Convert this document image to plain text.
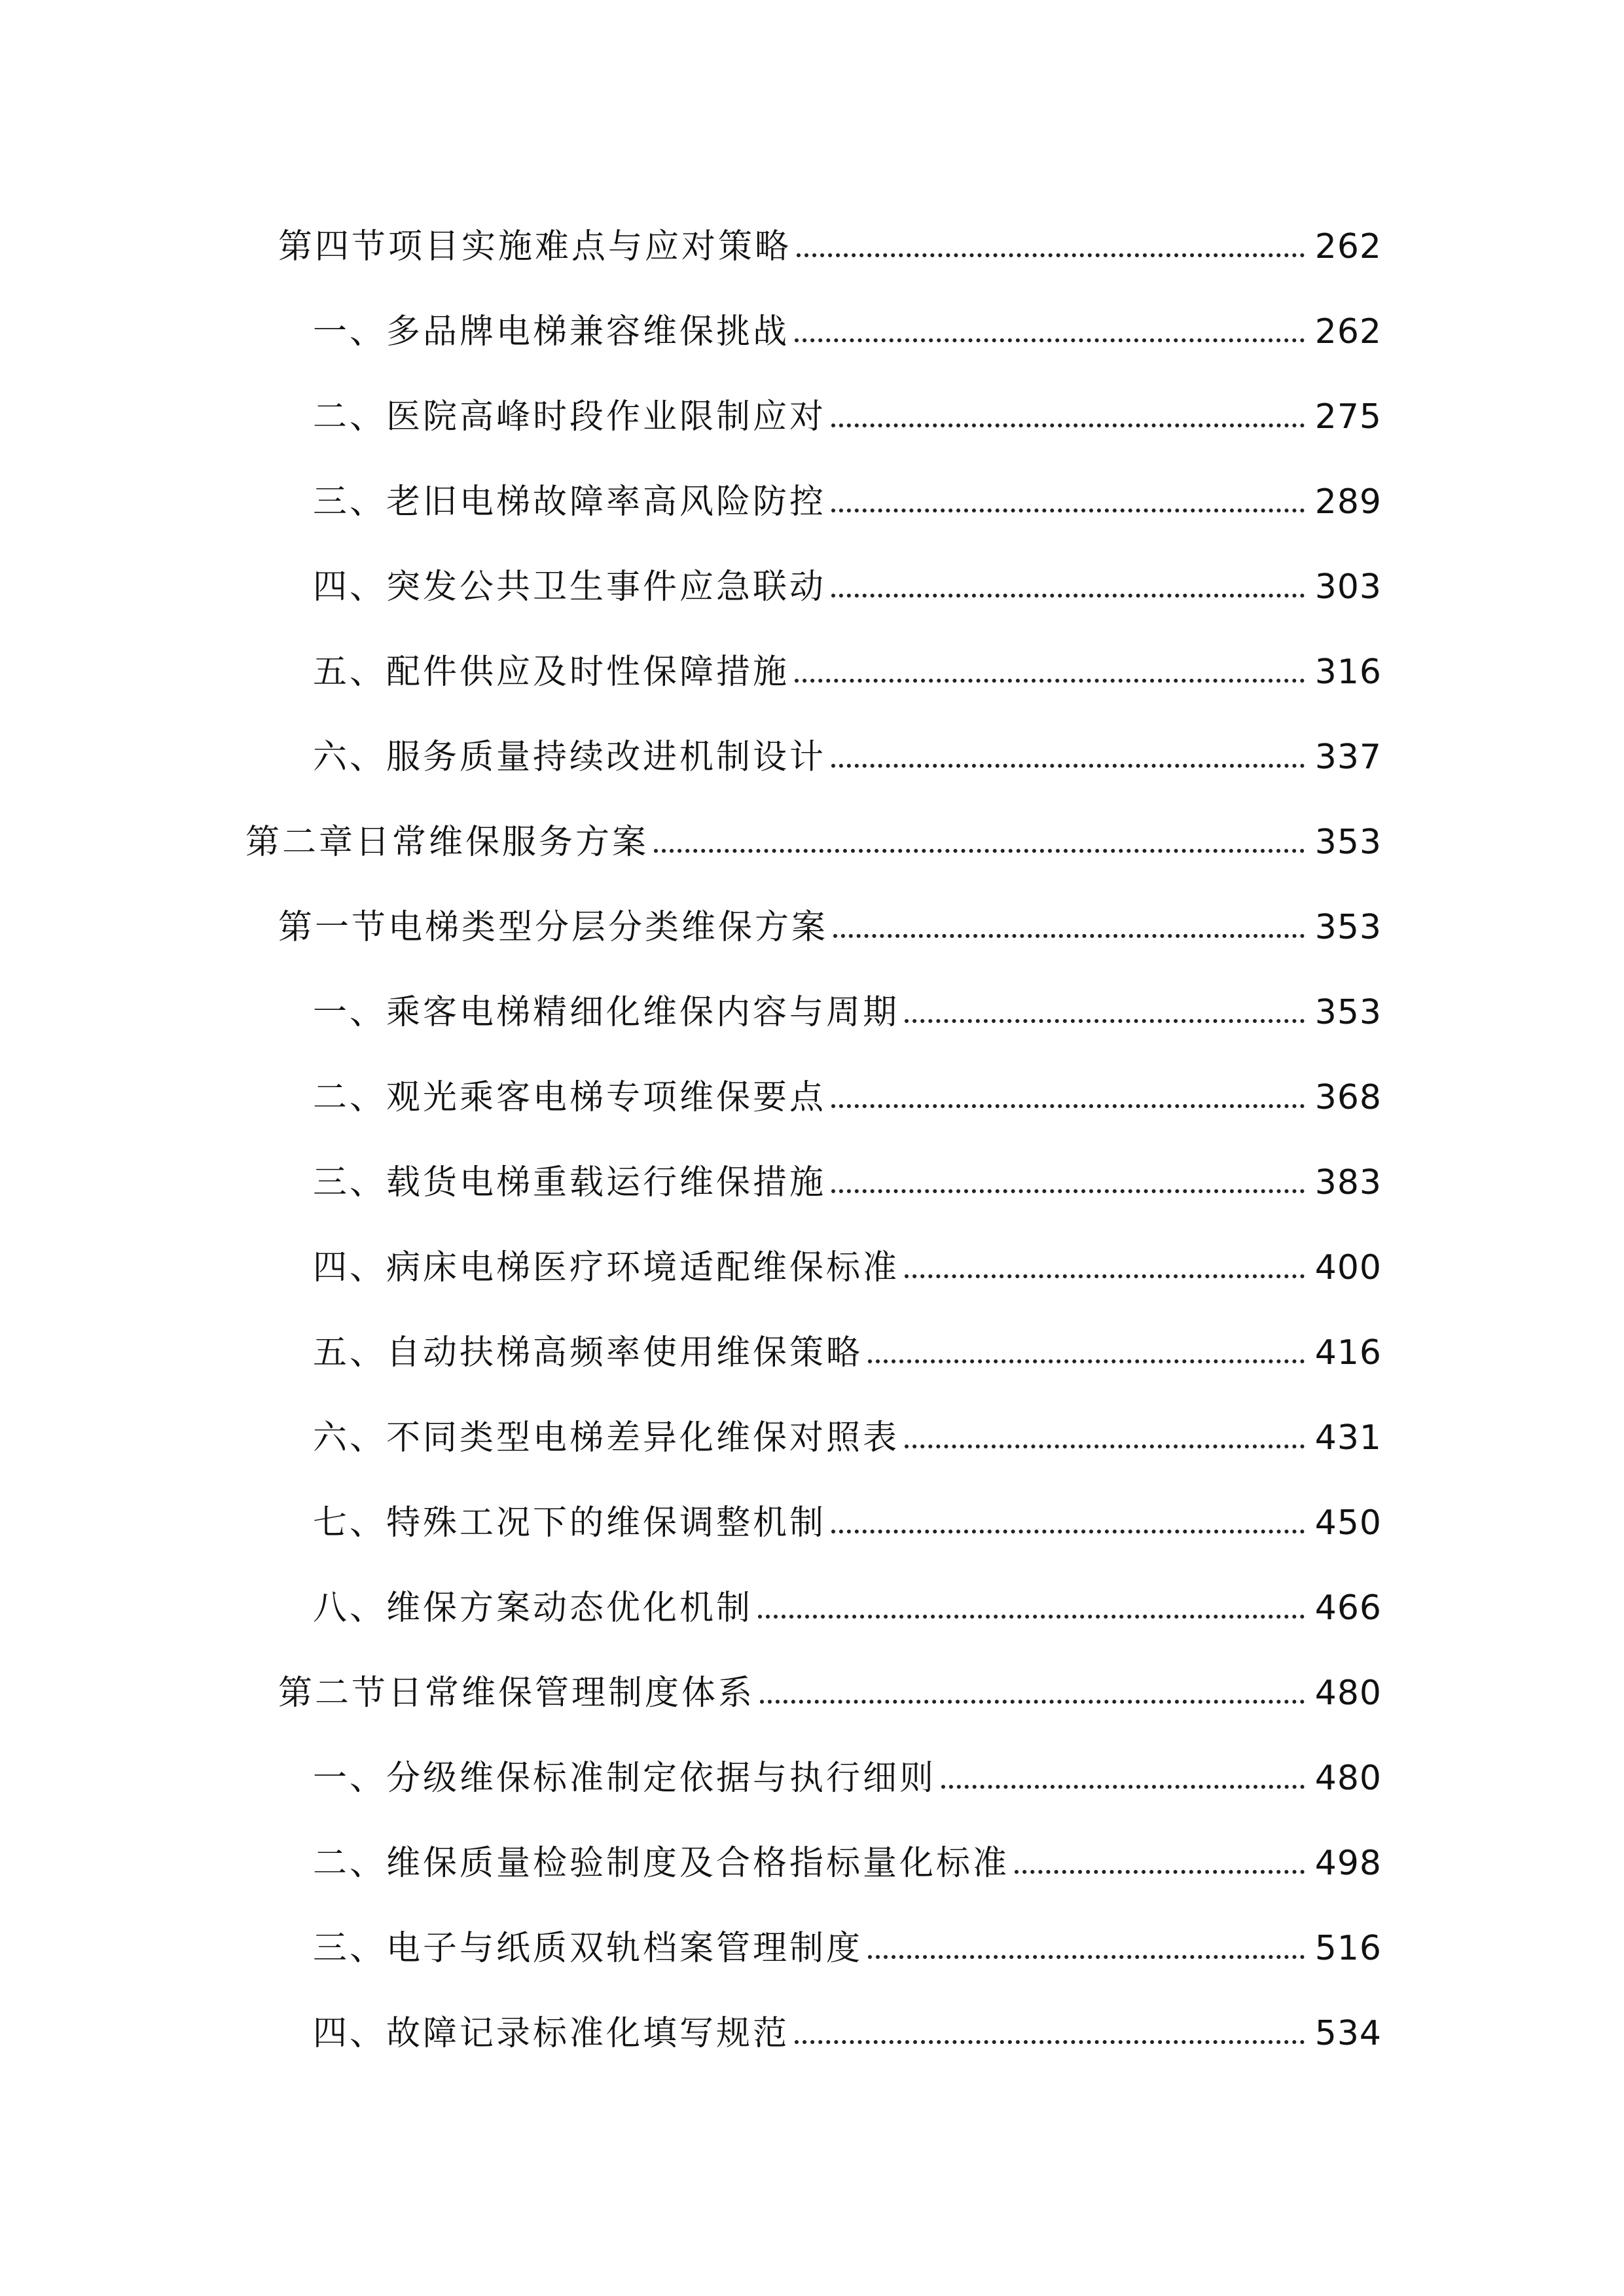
第四节项目实施难点与应对策略	262
一、多品牌电梯兼容维保挑战	262
二、医院高峰时段作业限制应对	275
三、老旧电梯故障率高风险防控	289
四、突发公共卫生事件应急联动	303
五、配件供应及时性保障措施	316
六、服务质量持续改进机制设计	337
第二章日常维保服务方案	353
第一节电梯类型分层分类维保方案	353
一、乘客电梯精细化维保内容与周期	353
二、观光乘客电梯专项维保要点	368
三、载货电梯重载运行维保措施	383
四、病床电梯医疗环境适配维保标准	400
五、自动扶梯高频率使用维保策略	416
六、不同类型电梯差异化维保对照表	431
七、特殊工况下的维保调整机制	450
八、维保方案动态优化机制	466
第二节日常维保管理制度体系	480
一、分级维保标准制定依据与执行细则	480
二、维保质量检验制度及合格指标量化标准	498
三、电子与纸质双轨档案管理制度	516
四、故障记录标准化填写规范	534
